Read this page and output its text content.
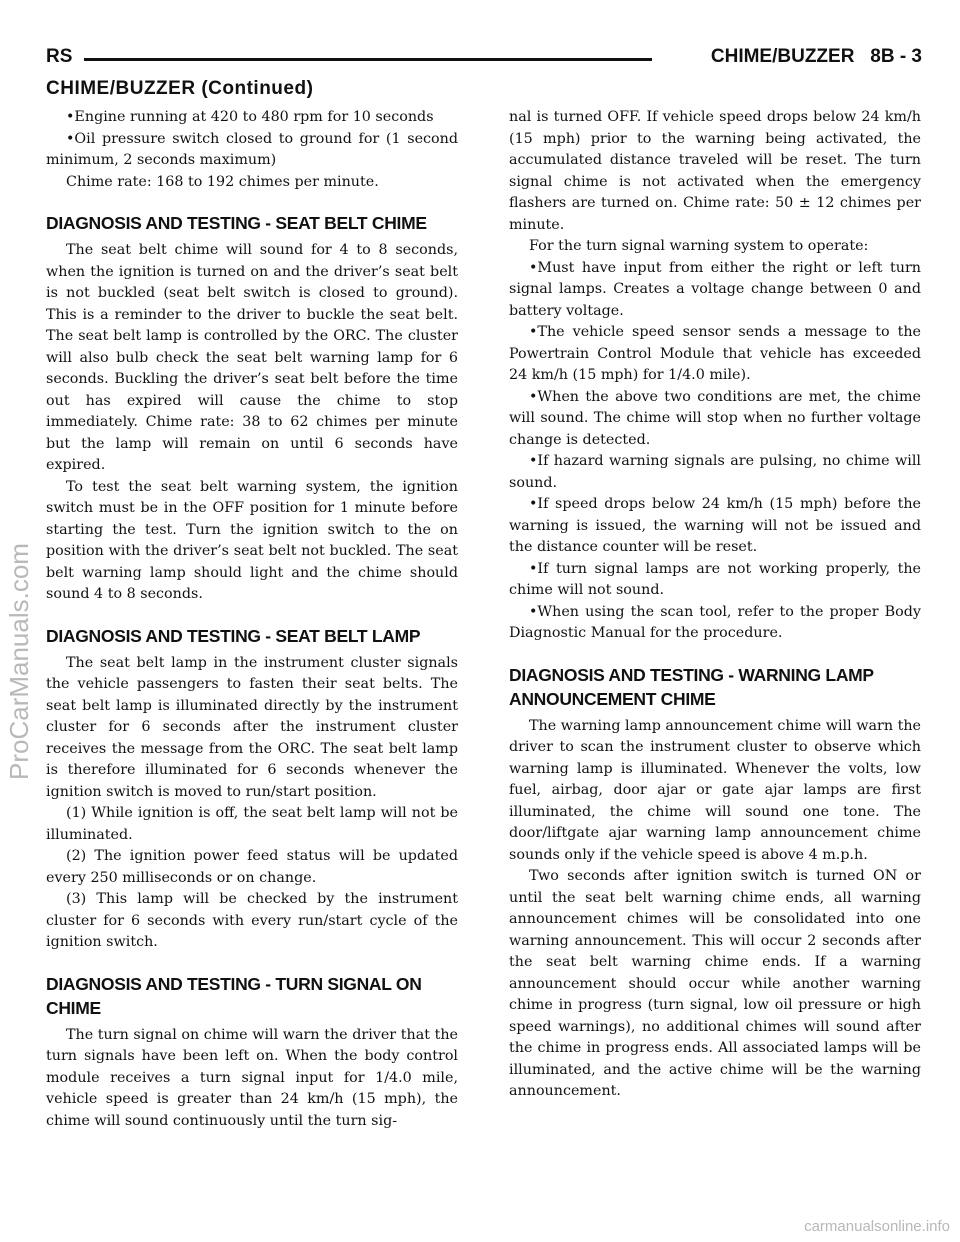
RS	CHIME/BUZZER   8B - 3
CHIME/BUZZER (Continued)

•Engine running at 420 to 480 rpm for 10 seconds

•Oil pressure switch closed to ground for (1 second minimum, 2 seconds maximum)

Chime rate: 168 to 192 chimes per minute.

DIAGNOSIS AND TESTING - SEAT BELT CHIME

The seat belt chime will sound for 4 to 8 seconds, when the ignition is turned on and the driver’s seat belt is not buckled (seat belt switch is closed to ground). This is a reminder to the driver to buckle the seat belt. The seat belt lamp is controlled by the ORC. The cluster will also bulb check the seat belt warning lamp for 6 seconds. Buckling the driver’s seat belt before the time out has expired will cause the chime to stop immediately. Chime rate: 38 to 62 chimes per minute but the lamp will remain on until 6 seconds have expired.

To test the seat belt warning system, the ignition switch must be in the OFF position for 1 minute before starting the test. Turn the ignition switch to the on position with the driver’s seat belt not buckled. The seat belt warning lamp should light and the chime should sound 4 to 8 seconds.

DIAGNOSIS AND TESTING - SEAT BELT LAMP

The seat belt lamp in the instrument cluster signals the vehicle passengers to fasten their seat belts. The seat belt lamp is illuminated directly by the instrument cluster for 6 seconds after the instrument cluster receives the message from the ORC. The seat belt lamp is therefore illuminated for 6 seconds whenever the ignition switch is moved to run/start position.

(1) While ignition is off, the seat belt lamp will not be illuminated.

(2) The ignition power feed status will be updated every 250 milliseconds or on change.

(3) This lamp will be checked by the instrument cluster for 6 seconds with every run/start cycle of the ignition switch.

DIAGNOSIS AND TESTING - TURN SIGNAL ON CHIME

The turn signal on chime will warn the driver that the turn signals have been left on. When the body control module receives a turn signal input for 1/4.0 mile, vehicle speed is greater than 24 km/h (15 mph), the chime will sound continuously until the turn sig-

nal is turned OFF. If vehicle speed drops below 24 km/h (15 mph) prior to the warning being activated, the accumulated distance traveled will be reset. The turn signal chime is not activated when the emergency flashers are turned on. Chime rate: 50 ± 12 chimes per minute.

For the turn signal warning system to operate:

•Must have input from either the right or left turn signal lamps. Creates a voltage change between 0 and battery voltage.

•The vehicle speed sensor sends a message to the Powertrain Control Module that vehicle has exceeded 24 km/h (15 mph) for 1/4.0 mile).

•When the above two conditions are met, the chime will sound. The chime will stop when no further voltage change is detected.

•If hazard warning signals are pulsing, no chime will sound.

•If speed drops below 24 km/h (15 mph) before the warning is issued, the warning will not be issued and the distance counter will be reset.

•If turn signal lamps are not working properly, the chime will not sound.

•When using the scan tool, refer to the proper Body Diagnostic Manual for the procedure.

DIAGNOSIS AND TESTING - WARNING LAMP ANNOUNCEMENT CHIME

The warning lamp announcement chime will warn the driver to scan the instrument cluster to observe which warning lamp is illuminated. Whenever the volts, low fuel, airbag, door ajar or gate ajar lamps are first illuminated, the chime will sound one tone. The door/liftgate ajar warning lamp announcement chime sounds only if the vehicle speed is above 4 m.p.h.

Two seconds after ignition switch is turned ON or until the seat belt warning chime ends, all warning announcement chimes will be consolidated into one warning announcement. This will occur 2 seconds after the seat belt warning chime ends. If a warning announcement should occur while another warning chime in progress (turn signal, low oil pressure or high speed warnings), no additional chimes will sound after the chime in progress ends. All associated lamps will be illuminated, and the active chime will be the warning announcement.

ProCarManuals.com
carmanualsonline.info
